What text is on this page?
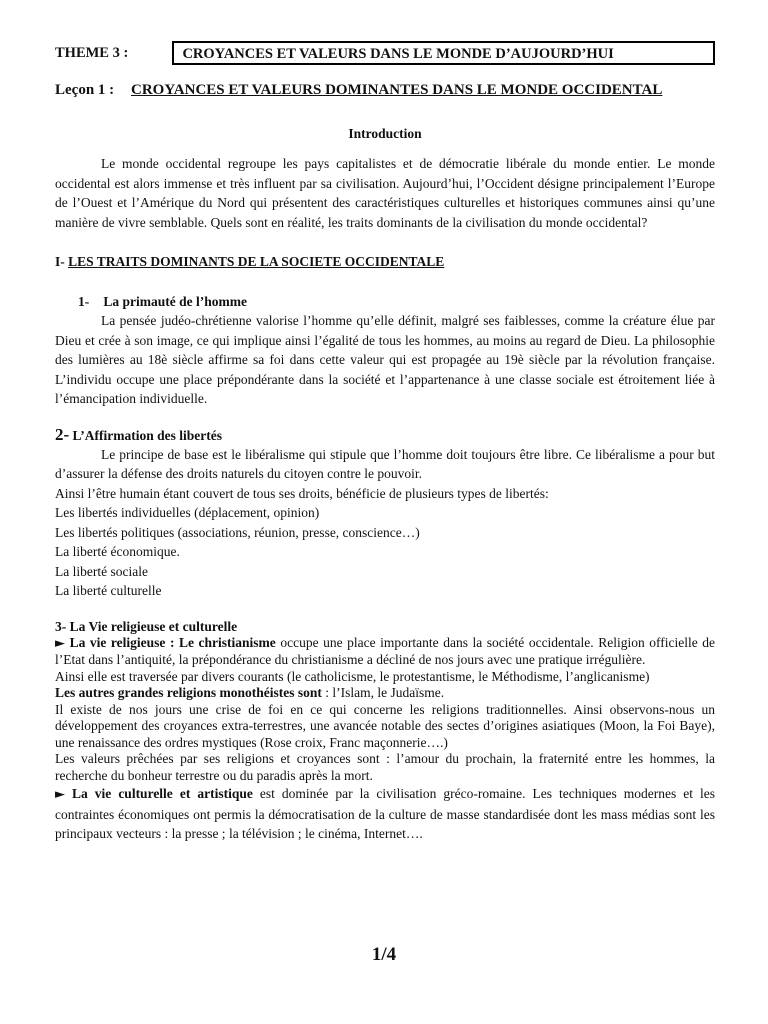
THEME 3 :	CROYANCES ET VALEURS DANS LE MONDE D’AUJOURD’HUI
Leçon 1 :	CROYANCES ET VALEURS DOMINANTES DANS LE MONDE OCCIDENTAL
Introduction

Le monde occidental regroupe les pays capitalistes et de démocratie libérale du monde entier. Le monde occidental est alors immense et très influent par sa civilisation. Aujourd’hui, l’Occident désigne principalement l’Europe de l’Ouest et l’Amérique du Nord qui présentent des caractéristiques culturelles et historiques communes ainsi qu’une manière de vivre semblable. Quels sont en réalité, les traits dominants de la civilisation du monde occidental?

I- LES TRAITS DOMINANTS DE LA SOCIETE OCCIDENTALE
1- La primauté de l’homme

La pensée judéo-chrétienne valorise l’homme qu’elle définit, malgré ses faiblesses, comme la créature élue par Dieu et crée à son image, ce qui implique ainsi l’égalité de tous les hommes, au moins au regard de Dieu. La philosophie des lumières au 18è siècle affirme sa foi dans cette valeur qui est propagée au 19è siècle par la révolution française. L’individu occupe une place prépondérante dans la société et l’appartenance à une classe sociale est étroitement liée à l’émancipation individuelle.

2- L’Affirmation des libertés

Le principe de base est le libéralisme qui stipule que l’homme doit toujours être libre. Ce libéralisme a pour but d’assurer la défense des droits naturels du citoyen contre le pouvoir.

Ainsi l’être humain étant couvert de tous ses droits, bénéficie de plusieurs types de libertés:

Les libertés individuelles (déplacement, opinion)
Les libertés politiques (associations, réunion, presse, conscience…)
La liberté économique.
La liberté sociale
La liberté culturelle
3- La Vie religieuse et culturelle

► La vie religieuse : Le christianisme occupe une place importante dans la société occidentale. Religion officielle de l’Etat dans l’antiquité, la prépondérance du christianisme a décliné de nos jours avec une pratique irrégulière.

Ainsi elle est traversée par divers courants (le catholicisme, le protestantisme, le Méthodisme, l’anglicanisme)

Les autres grandes religions monothéistes sont : l’Islam, le Judaïsme.

Il existe de nos jours une crise de foi en ce qui concerne les religions traditionnelles. Ainsi observons-nous un développement des croyances extra-terrestres, une avancée notable des sectes d’origines asiatiques (Moon, la Foi Baye), une renaissance des ordres mystiques (Rose croix, Franc maçonnerie….)

Les valeurs prêchées par ses religions et croyances sont : l’amour du prochain, la fraternité entre les hommes, la recherche du bonheur terrestre ou du paradis après la mort.

► La vie culturelle et artistique est dominée par la civilisation gréco-romaine. Les techniques modernes et les contraintes économiques ont permis la démocratisation de la culture de masse standardisée dont les mass médias sont les principaux vecteurs : la presse ; la télévision ; le cinéma, Internet….

1/4
